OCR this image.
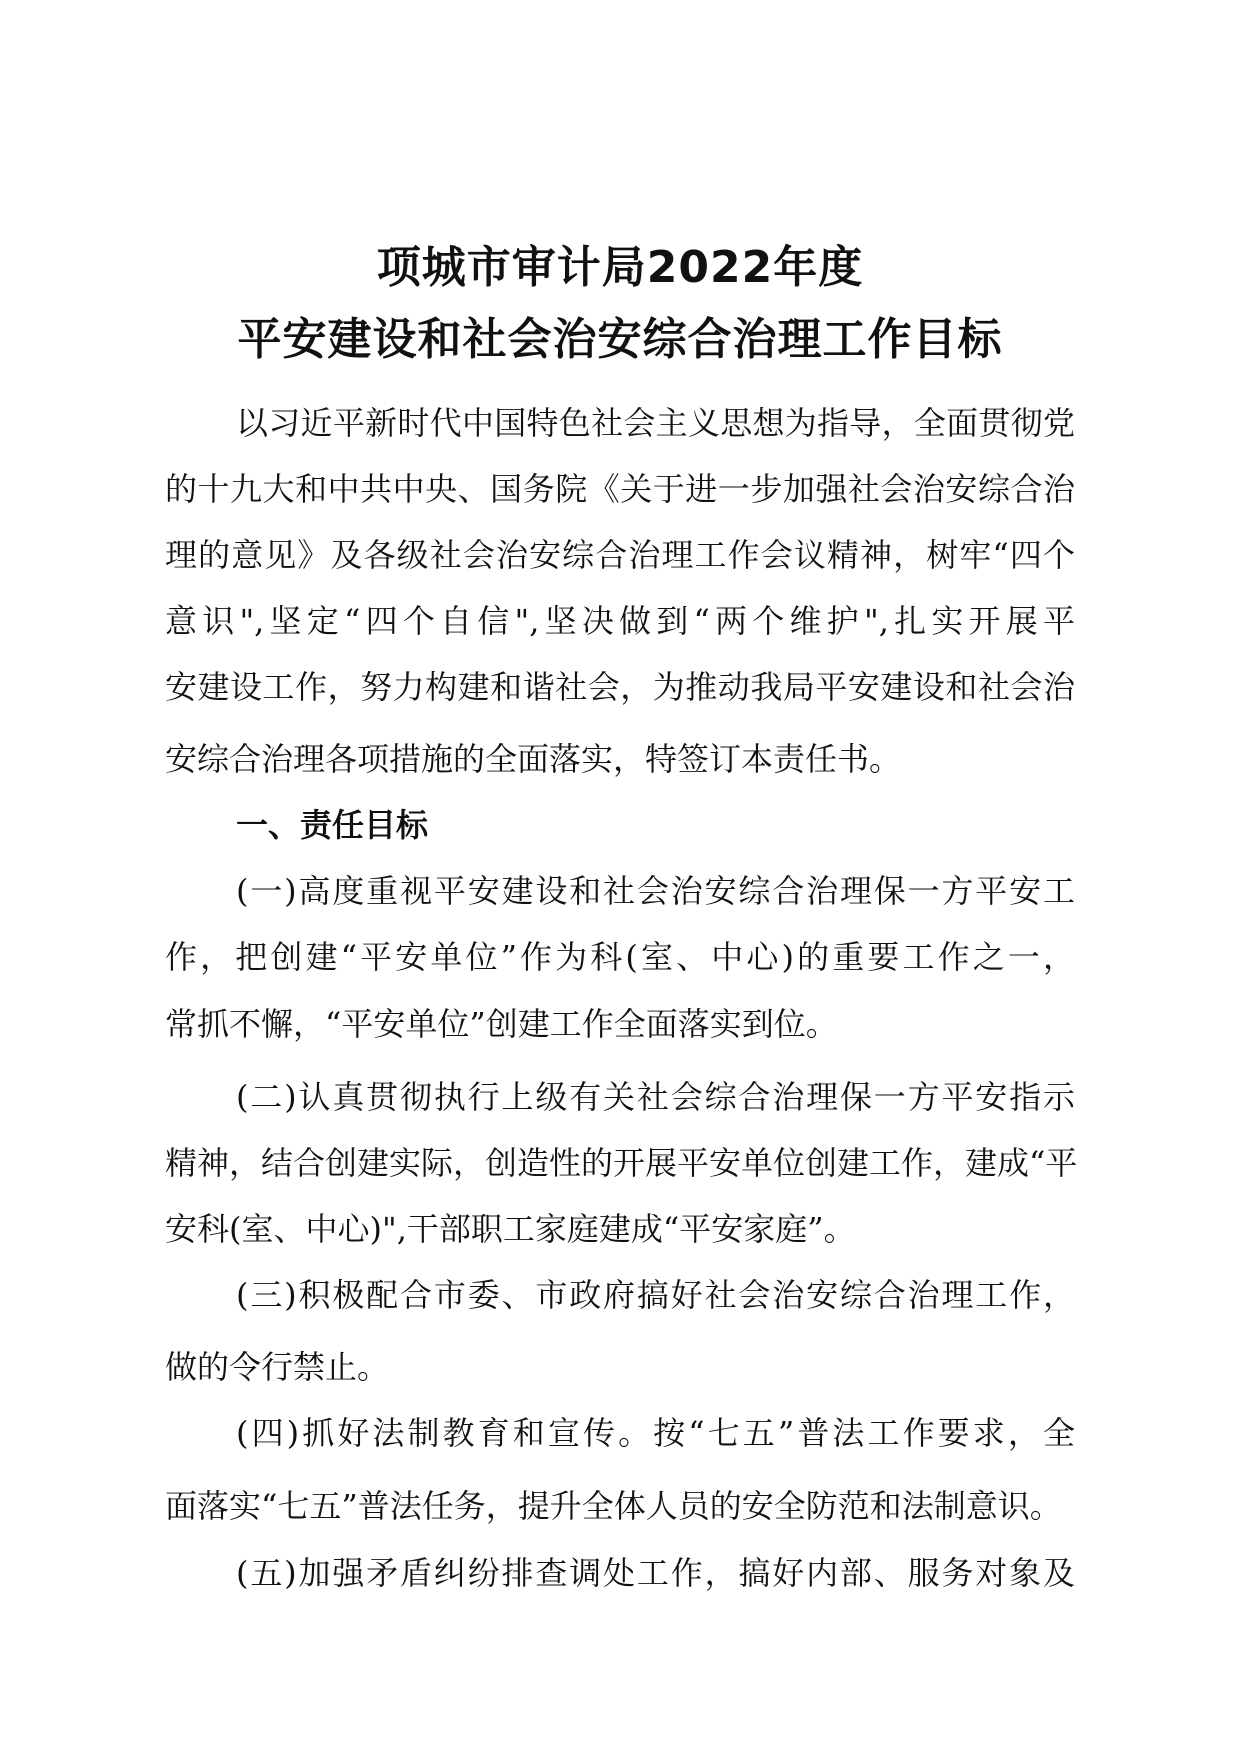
项城市审计局2022年度
平安建设和社会治安综合治理工作目标
以习近平新时代中国特色社会主义思想为指导，全面贯彻党
的十九大和中共中央、国务院《关于进一步加强社会治安综合治
理的意见》及各级社会治安综合治理工作会议精神，树牢“四个
意识",坚定“四个自信",坚决做到“两个维护",扎实开展平
安建设工作，努力构建和谐社会，为推动我局平安建设和社会治
安综合治理各项措施的全面落实，特签订本责任书。
一、责任目标
(一)高度重视平安建设和社会治安综合治理保一方平安工
作，把创建“平安单位”作为科(室、中心)的重要工作之一，
常抓不懈，“平安单位”创建工作全面落实到位。
(二)认真贯彻执行上级有关社会综合治理保一方平安指示
精神，结合创建实际，创造性的开展平安单位创建工作，建成“平
安科(室、中心)",干部职工家庭建成“平安家庭”。
(三)积极配合市委、市政府搞好社会治安综合治理工作，
做的令行禁止。
(四)抓好法制教育和宣传。按“七五”普法工作要求，全
面落实“七五”普法任务，提升全体人员的安全防范和法制意识。
(五)加强矛盾纠纷排查调处工作，搞好内部、服务对象及
